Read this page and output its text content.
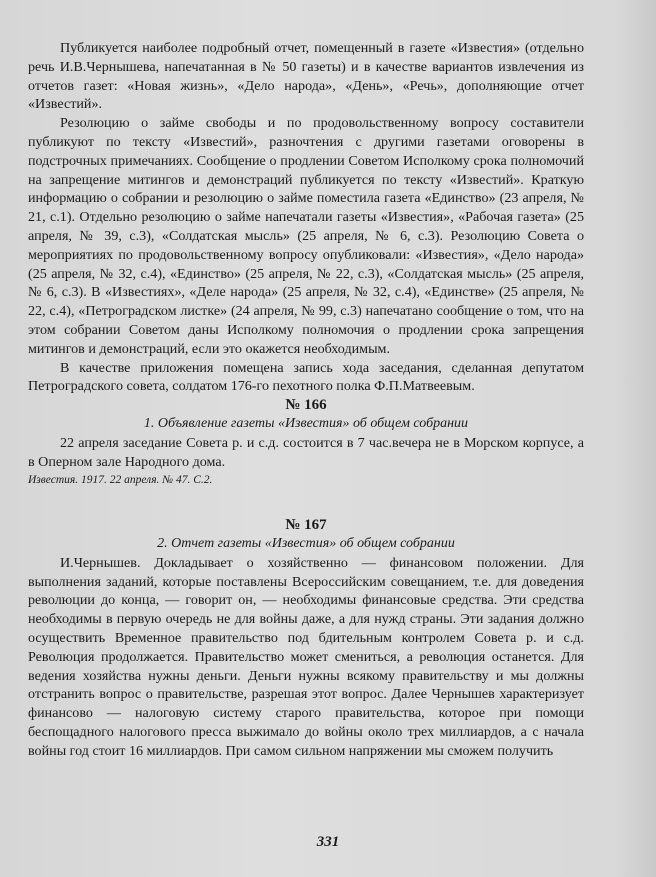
Публикуется наиболее подробный отчет, помещенный в газете «Известия» (отдельно речь И.В.Чернышева, напечатанная в № 50 газеты) и в качестве вариантов извлечения из отчетов газет: «Новая жизнь», «Дело народа», «День», «Речь», дополняющие отчет «Известий».

Резолюцию о займе свободы и по продовольственному вопросу составители публикуют по тексту «Известий», разночтения с другими газетами оговорены в подстрочных примечаниях. Сообщение о продлении Советом Исполкому срока полномочий на запрещение митингов и демонстраций публикуется по тексту «Известий». Краткую информацию о собрании и резолюцию о займе поместила газета «Единство» (23 апреля, № 21, с.1). Отдельно резолюцию о займе напечатали газеты «Известия», «Рабочая газета» (25 апреля, № 39, с.3), «Солдатская мысль» (25 апреля, № 6, с.3). Резолюцию Совета о мероприятиях по продовольственному вопросу опубликовали: «Известия», «Дело народа» (25 апреля, № 32, с.4), «Единство» (25 апреля, № 22, с.3), «Солдатская мысль» (25 апреля, № 6, с.3). В «Известиях», «Деле народа» (25 апреля, № 32, с.4), «Единстве» (25 апреля, № 22, с.4), «Петроградском листке» (24 апреля, № 99, с.3) напечатано сообщение о том, что на этом собрании Советом даны Исполкому полномочия о продлении срока запрещения митингов и демонстраций, если это окажется необходимым.

В качестве приложения помещена запись хода заседания, сделанная депутатом Петроградского совета, солдатом 176-го пехотного полка Ф.П.Матвеевым.

№ 166

1. Объявление газеты «Известия» об общем собрании

22 апреля заседание Совета р. и с.д. состоится в 7 час.вечера не в Морском корпусе, а в Оперном зале Народного дома.

Известия. 1917. 22 апреля. № 47. С.2.

№ 167

2. Отчет газеты «Известия» об общем собрании

И.Чернышев. Докладывает о хозяйственно — финансовом положении. Для выполнения заданий, которые поставлены Всероссийским совещанием, т.е. для доведения революции до конца, — говорит он, — необходимы финансовые средства. Эти средства необходимы в первую очередь не для войны даже, а для нужд страны. Эти задания должно осуществить Временное правительство под бдительным контролем Совета р. и с.д. Революция продолжается. Правительство может смениться, а революция останется. Для ведения хозяйства нужны деньги. Деньги нужны всякому правительству и мы должны отстранить вопрос о правительстве, разрешая этот вопрос. Далее Чернышев характеризует финансово — налоговую систему старого правительства, которое при помощи беспощадного налогового пресса выжимало до войны около трех миллиардов, а с начала войны год стоит 16 миллиардов. При самом сильном напряжении мы сможем получить

331
